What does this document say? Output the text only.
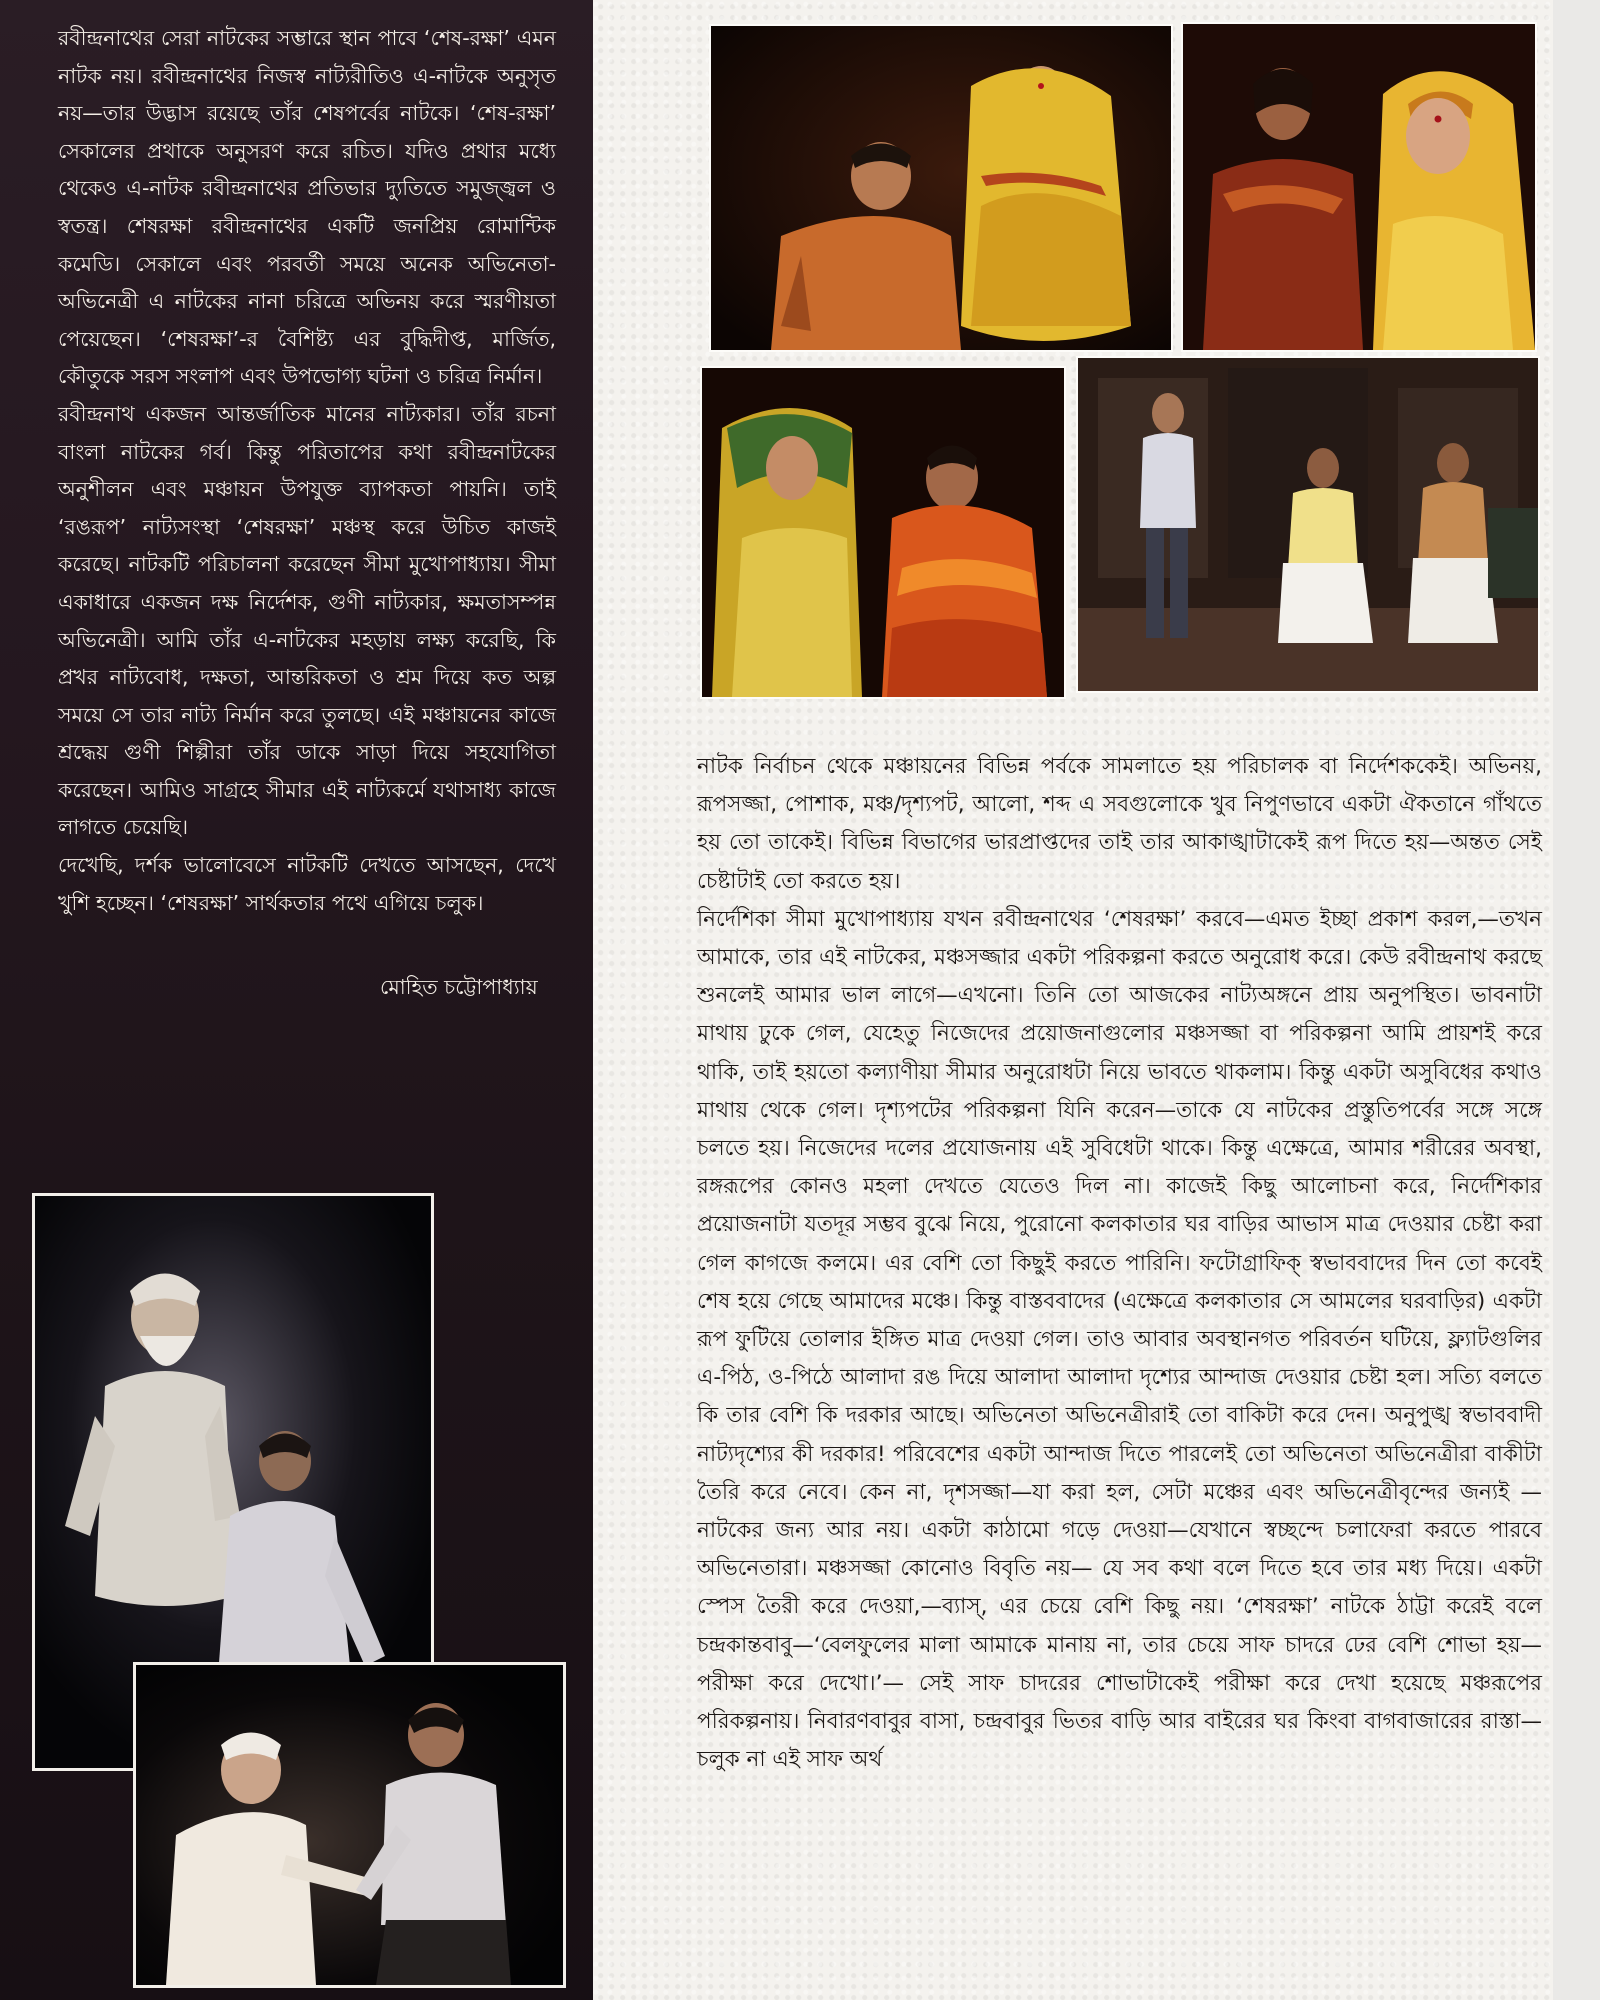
রবীন্দ্রনাথের সেরা নাটকের সম্ভারে স্থান পাবে ‘শেষ-রক্ষা’ এমন নাটক নয়। রবীন্দ্রনাথের নিজস্ব নাট্যরীতিও এ-নাটকে অনুসৃত নয়—তার উদ্ভাস রয়েছে তাঁর শেষপর্বের নাটকে। ‘শেষ-রক্ষা’ সেকালের প্রথাকে অনুসরণ করে রচিত। যদিও প্রথার মধ্যে থেকেও এ-নাটক রবীন্দ্রনাথের প্রতিভার দ্যুতিতে সমুজ্জ্বল ও স্বতন্ত্র। শেষরক্ষা রবীন্দ্রনাথের একটি জনপ্রিয় রোমান্টিক কমেডি। সেকালে এবং পরবর্তী সময়ে অনেক অভিনেতা-অভিনেত্রী এ নাটকের নানা চরিত্রে অভিনয় করে স্মরণীয়তা পেয়েছেন। ‘শেষরক্ষা’-র বৈশিষ্ট্য এর বুদ্ধিদীপ্ত, মার্জিত, কৌতুকে সরস সংলাপ এবং উপভোগ্য ঘটনা ও চরিত্র নির্মান।

রবীন্দ্রনাথ একজন আন্তর্জাতিক মানের নাট্যকার। তাঁর রচনা বাংলা নাটকের গর্ব। কিন্তু পরিতাপের কথা রবীন্দ্রনাটকের অনুশীলন এবং মঞ্চায়ন উপযুক্ত ব্যাপকতা পায়নি। তাই ‘রঙরূপ’ নাট্যসংস্থা ‘শেষরক্ষা’ মঞ্চস্থ করে উচিত কাজই করেছে। নাটকটি পরিচালনা করেছেন সীমা মুখোপাধ্যায়। সীমা একাধারে একজন দক্ষ নির্দেশক, গুণী নাট্যকার, ক্ষমতাসম্পন্ন অভিনেত্রী। আমি তাঁর এ-নাটকের মহড়ায় লক্ষ্য করেছি, কি প্রখর নাট্যবোধ, দক্ষতা, আন্তরিকতা ও শ্রম দিয়ে কত অল্প সময়ে সে তার নাট্য নির্মান করে তুলছে। এই মঞ্চায়নের কাজে শ্রদ্ধেয় গুণী শিল্পীরা তাঁর ডাকে সাড়া দিয়ে সহযোগিতা করেছেন। আমিও সাগ্রহে সীমার এই নাট্যকর্মে যথাসাধ্য কাজে লাগতে চেয়েছি।

দেখেছি, দর্শক ভালোবেসে নাটকটি দেখতে আসছেন, দেখে খুশি হচ্ছেন। ‘শেষরক্ষা’ সার্থকতার পথে এগিয়ে চলুক।

মোহিত চট্টোপাধ্যায়

নাটক নির্বাচন থেকে মঞ্চায়নের বিভিন্ন পর্বকে সামলাতে হয় পরিচালক বা নির্দেশককেই। অভিনয়, রূপসজ্জা, পোশাক, মঞ্চ/দৃশ্যপট, আলো, শব্দ এ সবগুলোকে খুব নিপুণভাবে একটা ঐকতানে গাঁথতে হয় তো তাকেই। বিভিন্ন বিভাগের ভারপ্রাপ্তদের তাই তার আকাঙ্খাটাকেই রূপ দিতে হয়—অন্তত সেই চেষ্টাটাই তো করতে হয়।

নির্দেশিকা সীমা মুখোপাধ্যায় যখন রবীন্দ্রনাথের ‘শেষরক্ষা’ করবে—এমত ইচ্ছা প্রকাশ করল,—তখন আমাকে, তার এই নাটকের, মঞ্চসজ্জার একটা পরিকল্পনা করতে অনুরোধ করে। কেউ রবীন্দ্রনাথ করছে শুনলেই আমার ভাল লাগে—এখনো। তিনি তো আজকের নাট্যঅঙ্গনে প্রায় অনুপস্থিত। ভাবনাটা মাথায় ঢুকে গেল, যেহেতু নিজেদের প্রয়োজনাগুলোর মঞ্চসজ্জা বা পরিকল্পনা আমি প্রায়শই করে থাকি, তাই হয়তো কল্যাণীয়া সীমার অনুরোধটা নিয়ে ভাবতে থাকলাম। কিন্তু একটা অসুবিধের কথাও মাথায় থেকে গেল। দৃশ্যপটের পরিকল্পনা যিনি করেন—তাকে যে নাটকের প্রস্তুতিপর্বের সঙ্গে সঙ্গে চলতে হয়। নিজেদের দলের প্রযোজনায় এই সুবিধেটা থাকে। কিন্তু এক্ষেত্রে, আমার শরীরের অবস্থা, রঙ্গরূপের কোনও মহলা দেখতে যেতেও দিল না। কাজেই কিছু আলোচনা করে, নির্দেশিকার প্রয়োজনাটা যতদূর সম্ভব বুঝে নিয়ে, পুরোনো কলকাতার ঘর বাড়ির আভাস মাত্র দেওয়ার চেষ্টা করা গেল কাগজে কলমে। এর বেশি তো কিছুই করতে পারিনি। ফটোগ্রাফিক্ স্বভাববাদের দিন তো কবেই শেষ হয়ে গেছে আমাদের মঞ্চে। কিন্তু বাস্তববাদের (এক্ষেত্রে কলকাতার সে আমলের ঘরবাড়ির) একটা রূপ ফুটিয়ে তোলার ইঙ্গিত মাত্র দেওয়া গেল। তাও আবার অবস্থানগত পরিবর্তন ঘটিয়ে, ফ্ল্যাটগুলির এ-পিঠ, ও-পিঠে আলাদা রঙ দিয়ে আলাদা আলাদা দৃশ্যের আন্দাজ দেওয়ার চেষ্টা হল। সত্যি বলতে কি তার বেশি কি দরকার আছে। অভিনেতা অভিনেত্রীরাই তো বাকিটা করে দেন। অনুপুঙ্খ স্বভাববাদী নাট্যদৃশ্যের কী দরকার! পরিবেশের একটা আন্দাজ দিতে পারলেই তো অভিনেতা অভিনেত্রীরা বাকীটা তৈরি করে নেবে। কেন না, দৃশসজ্জা—যা করা হল, সেটা মঞ্চের এবং অভিনেত্রীবৃন্দের জন্যই —নাটকের জন্য আর নয়। একটা কাঠামো গড়ে দেওয়া—যেখানে স্বচ্ছন্দে চলাফেরা করতে পারবে অভিনেতারা। মঞ্চসজ্জা কোনোও বিবৃতি নয়— যে সব কথা বলে দিতে হবে তার মধ্য দিয়ে। একটা স্পেস তৈরী করে দেওয়া,—ব্যাস্, এর চেয়ে বেশি কিছু নয়। ‘শেষরক্ষা’ নাটকে ঠাট্টা করেই বলে চন্দ্রকান্তবাবু—‘বেলফুলের মালা আমাকে মানায় না, তার চেয়ে সাফ চাদরে ঢের বেশি শোভা হয়—পরীক্ষা করে দেখো।’— সেই সাফ চাদরের শোভাটাকেই পরীক্ষা করে দেখা হয়েছে মঞ্চরূপের পরিকল্পনায়। নিবারণবাবুর বাসা, চন্দ্রবাবুর ভিতর বাড়ি আর বাইরের ঘর কিংবা বাগবাজারের রাস্তা—চলুক না এই সাফ অর্থ
